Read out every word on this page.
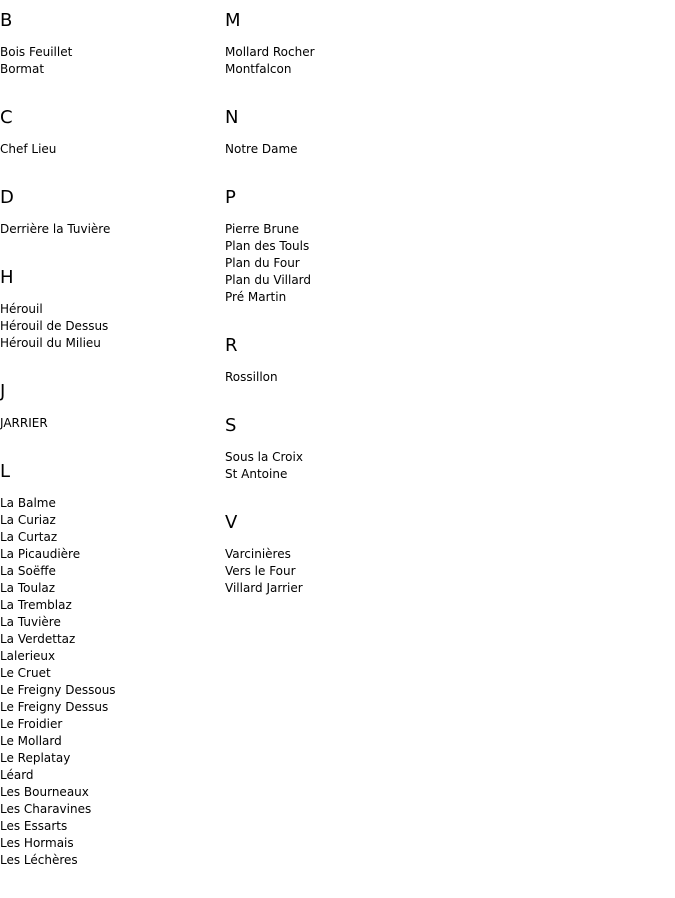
B
Bois Feuillet
Bormat
C
Chef Lieu
D
Derrière la Tuvière
H
Hérouil
Hérouil de Dessus
Hérouil du Milieu
J
JARRIER
L
La Balme
La Curiaz
La Curtaz
La Picaudière
La Soëffe
La Toulaz
La Tremblaz
La Tuvière
La Verdettaz
Lalerieux
Le Cruet
Le Freigny Dessous
Le Freigny Dessus
Le Froidier
Le Mollard
Le Replatay
Léard
Les Bourneaux
Les Charavines
Les Essarts
Les Hormais
Les Léchères
M
Mollard Rocher
Montfalcon
N
Notre Dame
P
Pierre Brune
Plan des Touls
Plan du Four
Plan du Villard
Pré Martin
R
Rossillon
S
Sous la Croix
St Antoine
V
Varcinières
Vers le Four
Villard Jarrier
